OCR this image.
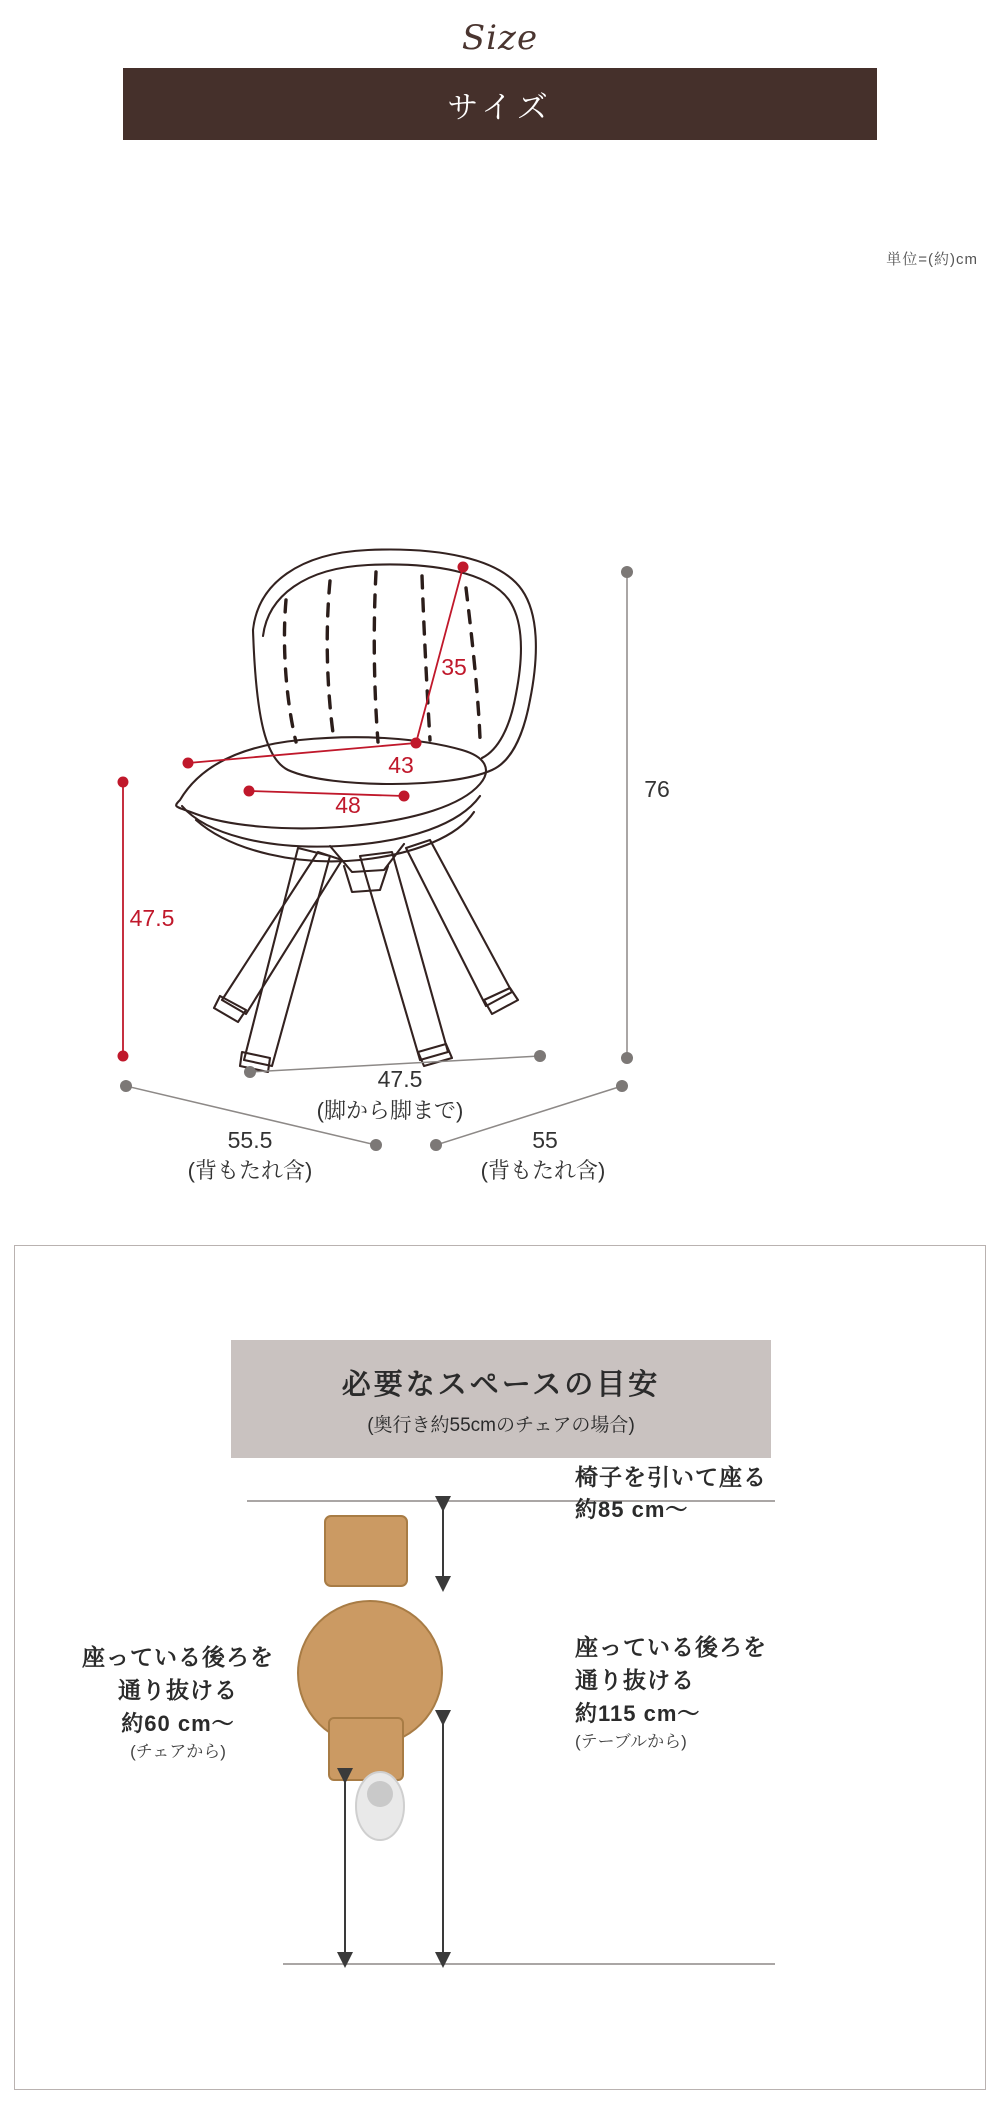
Size
サイズ
単位=(約)cm
35
43
48
47.5
76
47.5
(脚から脚まで)
55.5
(背もたれ含)
55
(背もたれ含)
必要なスペースの目安
(奥行き約55cmのチェアの場合)
椅子を引いて座る
約85 cm〜
座っている後ろを
通り抜ける
約115 cm〜
(テーブルから)
座っている後ろを
通り抜ける
約60 cm〜
(チェアから)
